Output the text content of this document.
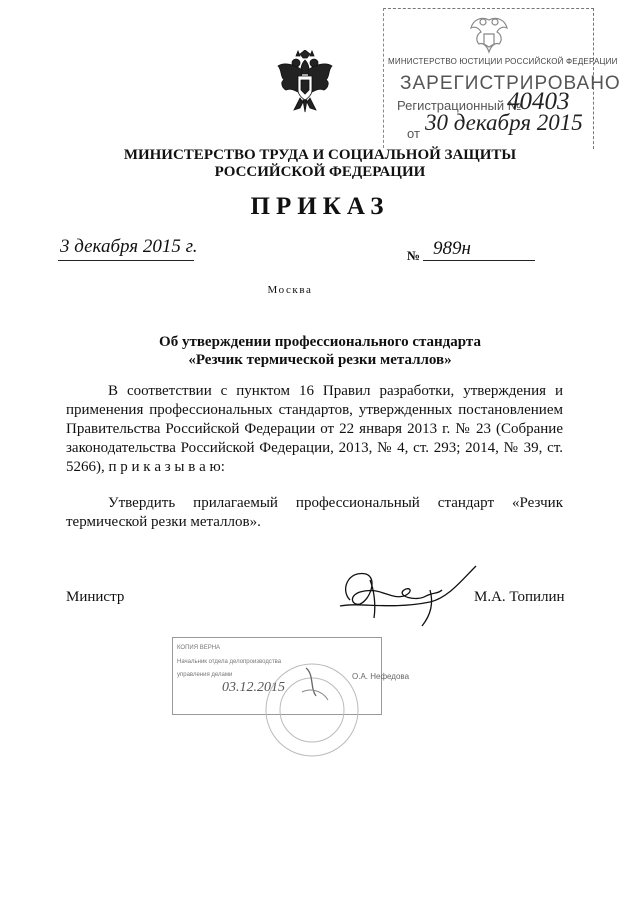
МИНИСТЕРСТВО ЮСТИЦИИ РОССИЙСКОЙ ФЕДЕРАЦИИ
ЗАРЕГИСТРИРОВАНО
Регистрационный №
40403
от 30 декабря 2015
МИНИСТЕРСТВО ТРУДА И СОЦИАЛЬНОЙ ЗАЩИТЫ
РОССИЙСКОЙ ФЕДЕРАЦИИ
ПРИКАЗ
3 декабря 2015 г.	№ 989н
Москва
Об утверждении профессионального стандарта
«Резчик термической резки металлов»
В соответствии с пунктом 16 Правил разработки, утверждения и применения профессиональных стандартов, утвержденных постановлением Правительства Российской Федерации от 22 января 2013 г. № 23 (Собрание законодательства Российской Федерации, 2013, № 4, ст. 293; 2014, № 39, ст. 5266), п р и к а з ы в а ю:
Утвердить прилагаемый профессиональный стандарт «Резчик термической резки металлов».
Министр	М.А. Топилин
КОПИЯ ВЕРНА
Начальник отдела делопроизводства
управления делами	О.А. Нефедова
03.12.2015
